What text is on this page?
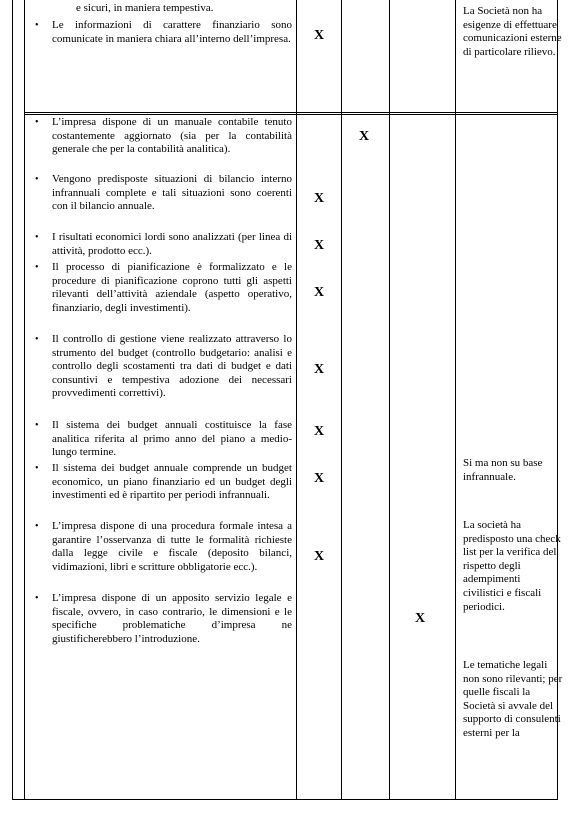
e sicuri, in maniera tempestiva.
• Le informazioni di carattere finanziario sono comunicate in maniera chiara all’interno dell’impresa. X
La Società non ha esigenze di effettuare comunicazioni esterne di particolare rilievo.
• L’impresa dispone di un manuale contabile tenuto costantemente aggiornato (sia per la contabilità generale che per la contabilità analitica).
X
• Vengono predisposte situazioni di bilancio interno infrannuali complete e tali situazioni sono coerenti con il bilancio annuale.
X
• I risultati economici lordi sono analizzati (per linea di attività, prodotto ecc.).	X
• Il processo di pianificazione è formalizzato e le procedure di pianificazione coprono tutti gli aspetti rilevanti dell’attività aziendale (aspetto operativo, finanziario, degli investimenti).
X
• Il controllo di gestione viene realizzato attraverso lo strumento del budget (controllo budgetario: analisi e controllo degli scostamenti tra dati di budget e dati consuntivi e tempestiva adozione dei necessari provvedimenti correttivi).
X
• Il sistema dei budget annuali costituisce la fase analitica riferita al primo anno del piano a medio-lungo termine.
X
• Il sistema dei budget annuale comprende un budget economico, un piano finanziario ed un budget degli investimenti ed è ripartito per periodi infrannuali.
X
• L’impresa dispone di una procedura formale intesa a garantire l’osservanza di tutte le formalità richieste dalla legge civile e fiscale (deposito bilanci, vidimazioni, libri e scritture obbligatorie ecc.).
X
• L’impresa dispone di un apposito servizio legale e fiscale, ovvero, in caso contrario, le dimensioni e le specifiche problematiche d’impresa ne giustificherebbero l’introduzione.
X
Si ma non su base infrannuale.
La società ha predisposto una check list per la verifica del rispetto degli adempimenti civilistici e fiscali periodici.
Le tematiche legali non sono rilevanti; per quelle fiscali la Società si avvale del supporto di consulenti esterni per la
